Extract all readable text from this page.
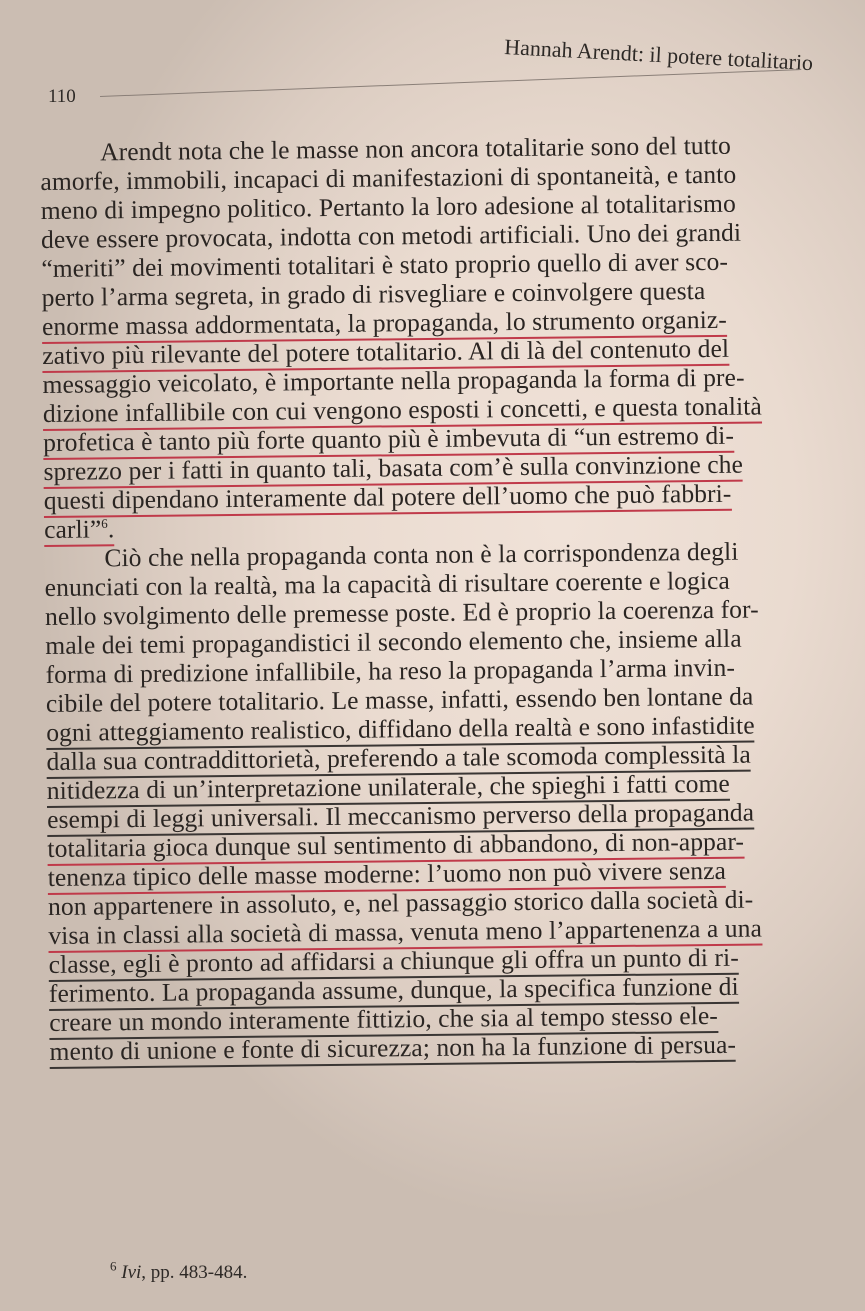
Hannah Arendt: il potere totalitario
110
Arendt nota che le masse non ancora totalitarie sono del tutto
amorfe, immobili, incapaci di manifestazioni di spontaneità, e tanto
meno di impegno politico. Pertanto la loro adesione al totalitarismo
deve essere provocata, indotta con metodi artificiali. Uno dei grandi
“meriti” dei movimenti totalitari è stato proprio quello di aver sco-
perto l’arma segreta, in grado di risvegliare e coinvolgere questa
enorme massa addormentata, la propaganda, lo strumento organiz-
zativo più rilevante del potere totalitario. Al di là del contenuto del
messaggio veicolato, è importante nella propaganda la forma di pre-
dizione infallibile con cui vengono esposti i concetti, e questa tonalità
profetica è tanto più forte quanto più è imbevuta di “un estremo di-
sprezzo per i fatti in quanto tali, basata com’è sulla convinzione che
questi dipendano interamente dal potere dell’uomo che può fabbri-
carli”$^6$.
Ciò che nella propaganda conta non è la corrispondenza degli
enunciati con la realtà, ma la capacità di risultare coerente e logica
nello svolgimento delle premesse poste. Ed è proprio la coerenza for-
male dei temi propagandistici il secondo elemento che, insieme alla
forma di predizione infallibile, ha reso la propaganda l’arma invin-
cibile del potere totalitario. Le masse, infatti, essendo ben lontane da
ogni atteggiamento realistico, diffidano della realtà e sono infastidite
dalla sua contraddittorietà, preferendo a tale scomoda complessità la
nitidezza di un’interpretazione unilaterale, che spieghi i fatti come
esempi di leggi universali. Il meccanismo perverso della propaganda
totalitaria gioca dunque sul sentimento di abbandono, di non-appar-
tenenza tipico delle masse moderne: l’uomo non può vivere senza
non appartenere in assoluto, e, nel passaggio storico dalla società di-
visa in classi alla società di massa, venuta meno l’appartenenza a una
classe, egli è pronto ad affidarsi a chiunque gli offra un punto di ri-
ferimento. La propaganda assume, dunque, la specifica funzione di
creare un mondo interamente fittizio, che sia al tempo stesso ele-
mento di unione e fonte di sicurezza; non ha la funzione di persua-
$^6$ Ivi, pp. 483-484.
